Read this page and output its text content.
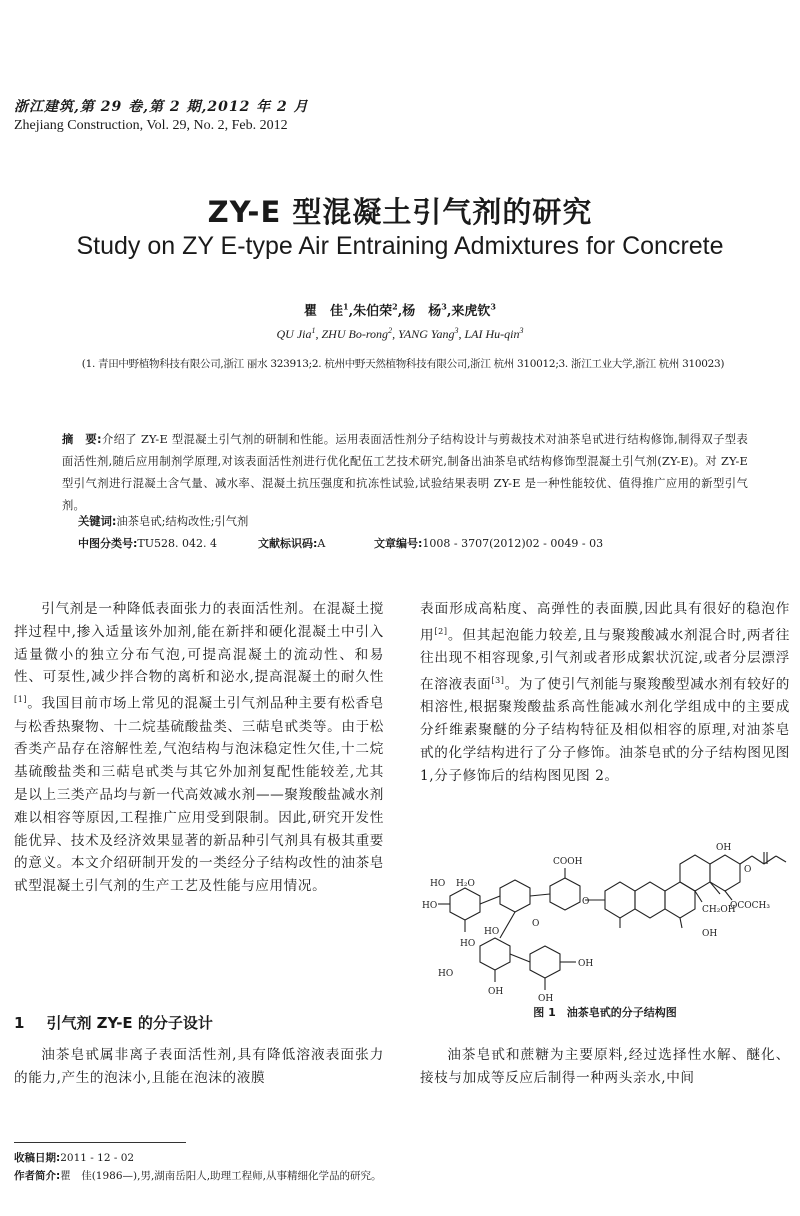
浙江建筑,第 29 卷,第 2 期,2012 年 2 月
Zhejiang Construction, Vol. 29, No. 2, Feb. 2012
ZY-E 型混凝土引气剂的研究
Study on ZY E-type Air Entraining Admixtures for Concrete
瞿　佳$^1$,朱伯荣$^2$,杨　杨$^3$,来虎钦$^3$
QU Jia$^1$, ZHU Bo-rong$^2$, YANG Yang$^3$, LAI Hu-qin$^3$
(1. 青田中野植物科技有限公司,浙江 丽水 323913;2. 杭州中野天然植物科技有限公司,浙江 杭州 310012;3. 浙江工业大学,浙江 杭州 310023)
摘　要:介绍了 ZY-E 型混凝土引气剂的研制和性能。运用表面活性剂分子结构设计与剪裁技术对油茶皂甙进行结构修饰,制得双子型表面活性剂,随后应用制剂学原理,对该表面活性剂进行优化配伍工艺技术研究,制备出油茶皂甙结构修饰型混凝土引气剂(ZY-E)。对 ZY-E 型引气剂进行混凝土含气量、减水率、混凝土抗压强度和抗冻性试验,试验结果表明 ZY-E 是一种性能较优、值得推广应用的新型引气剂。
关键词:油茶皂甙;结构改性;引气剂
中图分类号:TU528. 042. 4	文献标识码:A	文章编号:1008 - 3707(2012)02 - 0049 - 03

引气剂是一种降低表面张力的表面活性剂。在混凝土搅拌过程中,掺入适量该外加剂,能在新拌和硬化混凝土中引入适量微小的独立分布气泡,可提高混凝土的流动性、和易性、可泵性,减少拌合物的离析和泌水,提高混凝土的耐久性[1]。我国目前市场上常见的混凝土引气剂品种主要有松香皂与松香热聚物、十二烷基硫酸盐类、三萜皂甙类等。由于松香类产品存在溶解性差,气泡结构与泡沫稳定性欠佳,十二烷基硫酸盐类和三萜皂甙类与其它外加剂复配性能较差,尤其是以上三类产品均与新一代高效减水剂——聚羧酸盐减水剂难以相容等原因,工程推广应用受到限制。因此,研究开发性能优异、技术及经济效果显著的新品种引气剂具有极其重要的意义。本文介绍研制开发的一类经分子结构改性的油茶皂甙型混凝土引气剂的生产工艺及性能与应用情况。

表面形成高粘度、高弹性的表面膜,因此具有很好的稳泡作用[2]。但其起泡能力较差,且与聚羧酸减水剂混合时,两者往往出现不相容现象,引气剂或者形成絮状沉淀,或者分层漂浮在溶液表面[3]。为了使引气剂能与聚羧酸型减水剂有较好的相溶性,根据聚羧酸盐系高性能减水剂化学组成中的主要成分纤维素聚醚的分子结构特征及相似相容的原理,对油茶皂甙的化学结构进行了分子修饰。油茶皂甙的分子结构图见图 1,分子修饰后的结构图见图 2。

COOH
HO H₂O
HO
HO
HO
OH
OH
HO
OH
OH
CH₂OH
OCOCH₃
OH
O
O
O
图 1　油茶皂甙的分子结构图
1 引气剂 ZY-E 的分子设计

油茶皂甙属非离子表面活性剂,具有降低溶液表面张力的能力,产生的泡沫小,且能在泡沫的液膜

油茶皂甙和蔗糖为主要原料,经过选择性水解、醚化、接枝与加成等反应后制得一种两头亲水,中间

收稿日期:2011 - 12 - 02
作者简介:瞿　佳(1986—),男,湖南岳阳人,助理工程师,从事精细化学品的研究。
